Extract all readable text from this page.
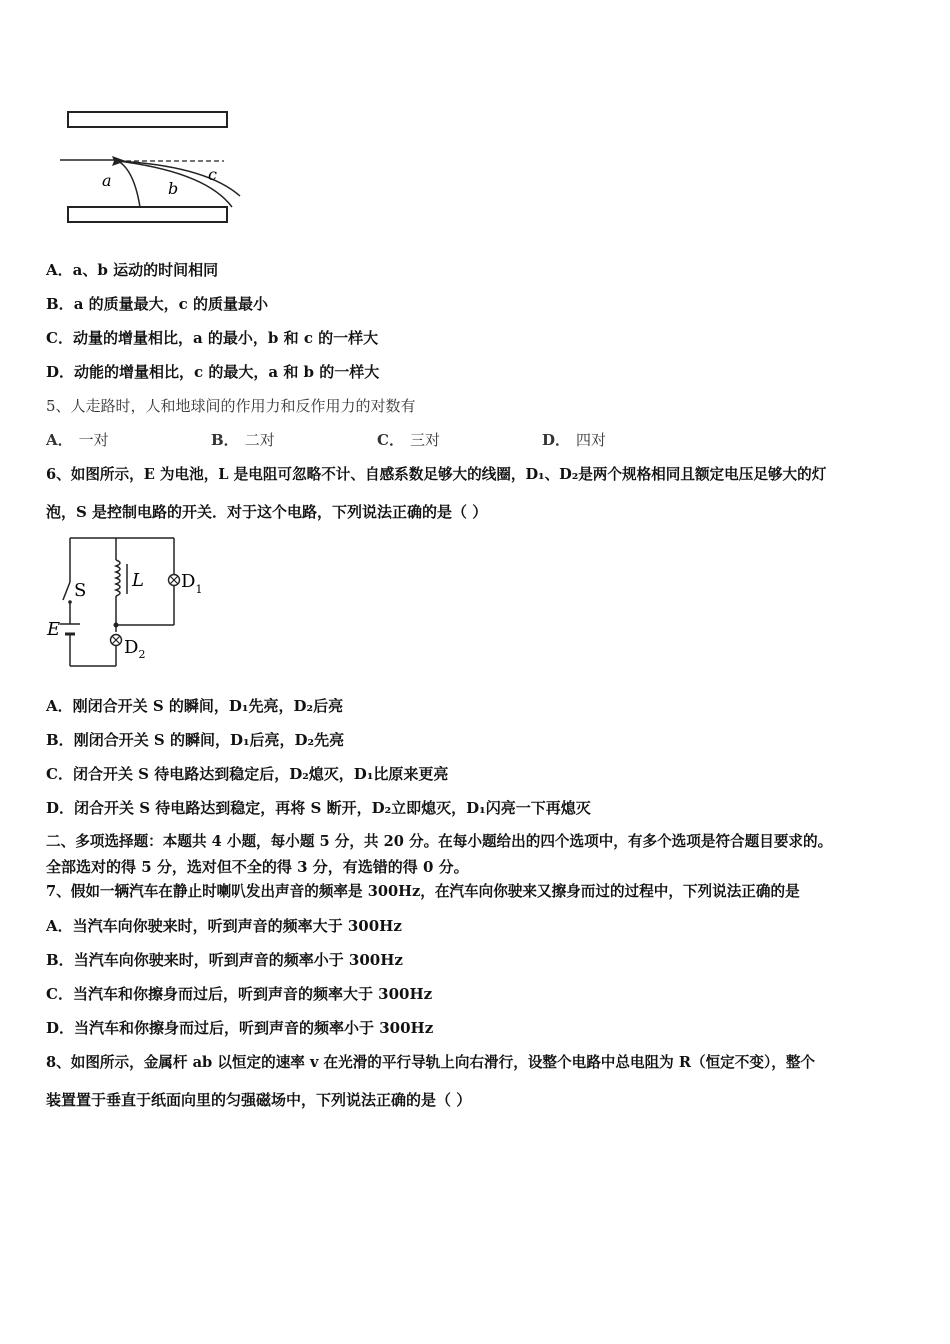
a	b
c
A．a、b 运动的时间相同
B．a 的质量最大，c 的质量最小
C．动量的增量相比，a 的最小，b 和 c 的一样大
D．动能的增量相比，c 的最大，a 和 b 的一样大
5、人走路时，人和地球间的作用力和反作用力的对数有
A． 一对	B． 二对	C． 三对	D． 四对
6、如图所示，E 为电池，L 是电阻可忽略不计、自感系数足够大的线圈，D₁、D₂是两个规格相同且额定电压足够大的灯
泡，S 是控制电路的开关．对于这个电路，下列说法正确的是（ ）
S
E
L
$D_2$
$D_1$
A．刚闭合开关 S 的瞬间，D₁先亮，D₂后亮
B．刚闭合开关 S 的瞬间，D₁后亮，D₂先亮
C．闭合开关 S 待电路达到稳定后，D₂熄灭，D₁比原来更亮
D．闭合开关 S 待电路达到稳定，再将 S 断开，D₂立即熄灭，D₁闪亮一下再熄灭
二、多项选择题：本题共 4 小题，每小题 5 分，共 20 分。在每小题给出的四个选项中，有多个选项是符合题目要求的。
全部选对的得 5 分，选对但不全的得 3 分，有选错的得 0 分。
7、假如一辆汽车在静止时喇叭发出声音的频率是 300Hz，在汽车向你驶来又擦身而过的过程中，下列说法正确的是
A．当汽车向你驶来时，听到声音的频率大于 300Hz
B．当汽车向你驶来时，听到声音的频率小于 300Hz
C．当汽车和你擦身而过后，听到声音的频率大于 300Hz
D．当汽车和你擦身而过后，听到声音的频率小于 300Hz
8、如图所示，金属杆 ab 以恒定的速率 v 在光滑的平行导轨上向右滑行，设整个电路中总电阻为 R（恒定不变），整个
装置置于垂直于纸面向里的匀强磁场中，下列说法正确的是（ ）
